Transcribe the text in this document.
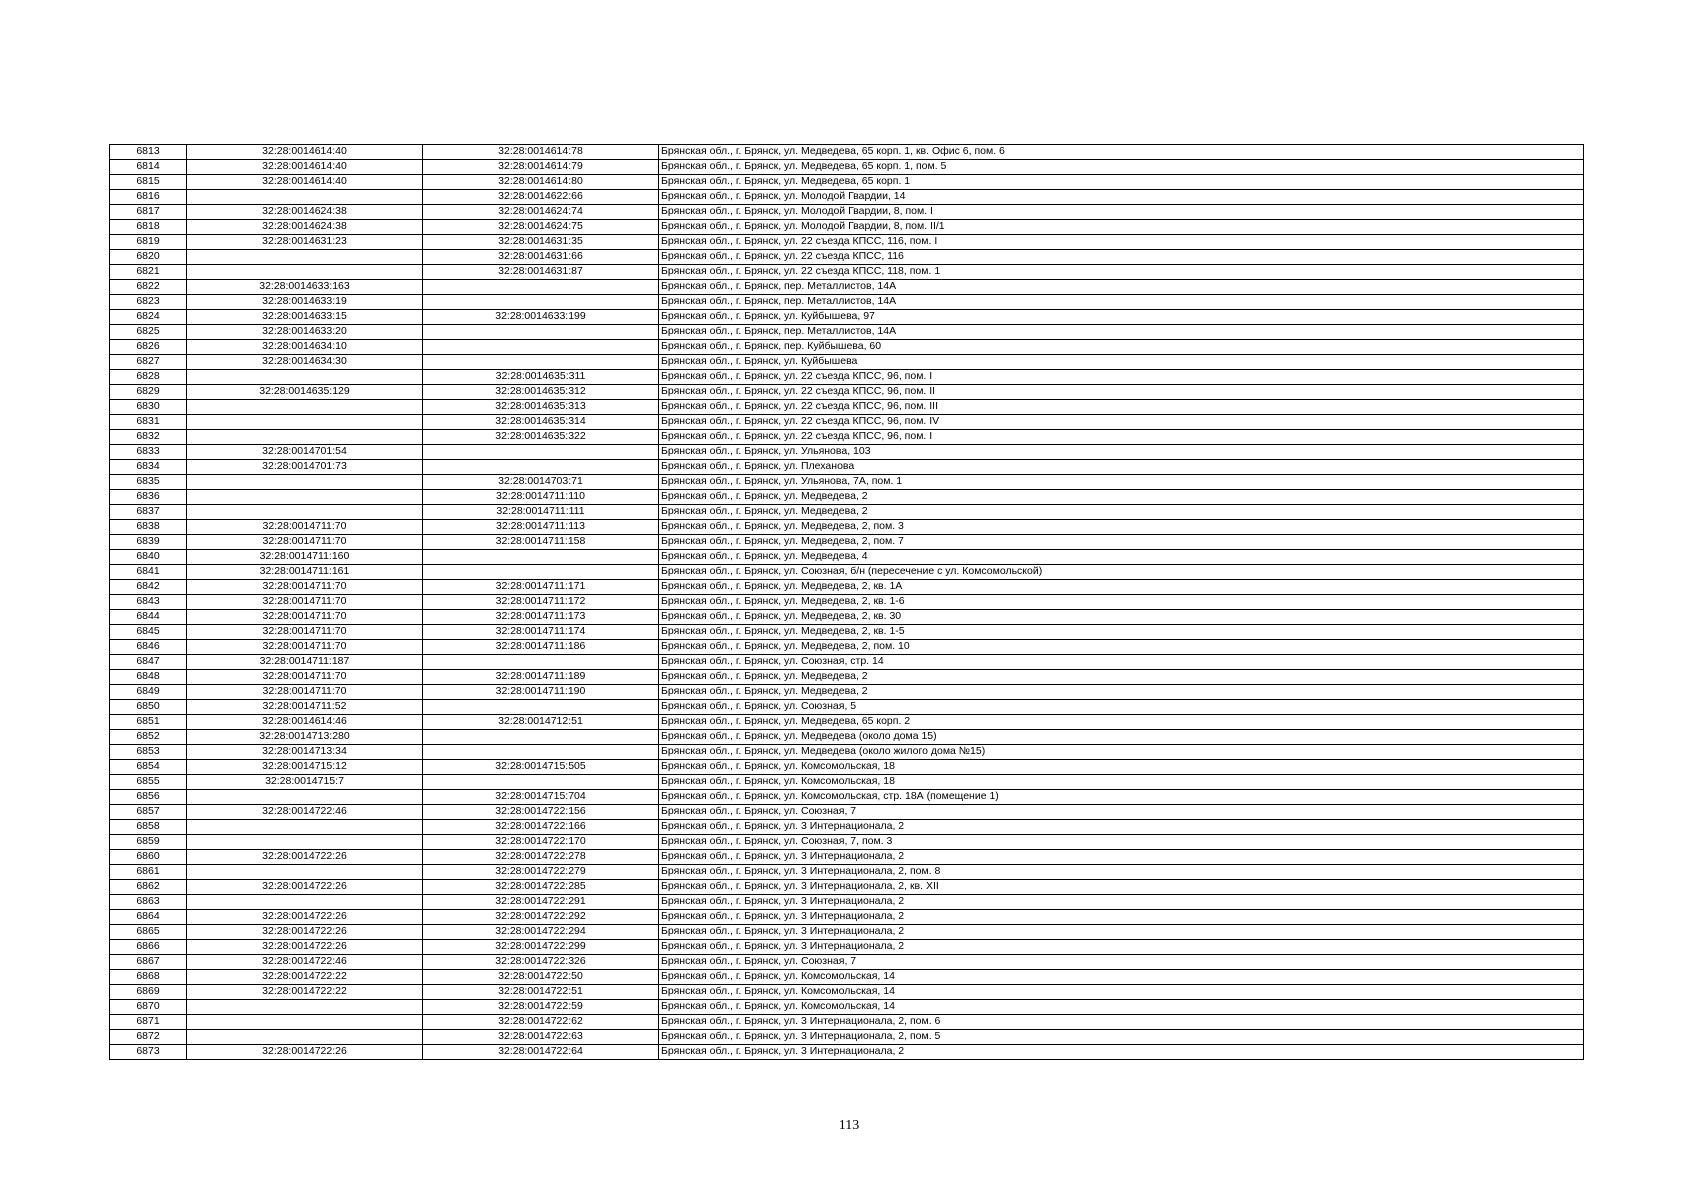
6813	32:28:0014614:40	32:28:0014614:78	Брянская обл., г. Брянск, ул. Медведева, 65 корп. 1, кв. Офис 6, пом. 6
6814	32:28:0014614:40	32:28:0014614:79	Брянская обл., г. Брянск, ул. Медведева, 65 корп. 1, пом. 5
6815	32:28:0014614:40	32:28:0014614:80	Брянская обл., г. Брянск, ул. Медведева, 65 корп. 1
6816		32:28:0014622:66	Брянская обл., г. Брянск, ул. Молодой Гвардии, 14
6817	32:28:0014624:38	32:28:0014624:74	Брянская обл., г. Брянск, ул. Молодой Гвардии, 8, пом. I
6818	32:28:0014624:38	32:28:0014624:75	Брянская обл., г. Брянск, ул. Молодой Гвардии, 8, пом. II/1
6819	32:28:0014631:23	32:28:0014631:35	Брянская обл., г. Брянск, ул. 22 съезда КПСС, 116, пом. I
6820		32:28:0014631:66	Брянская обл., г. Брянск, ул. 22 съезда КПСС, 116
6821		32:28:0014631:87	Брянская обл., г. Брянск, ул. 22 съезда КПСС, 118, пом. 1
6822	32:28:0014633:163		Брянская обл., г. Брянск, пер. Металлистов, 14А
6823	32:28:0014633:19		Брянская обл., г. Брянск, пер. Металлистов, 14А
6824	32:28:0014633:15	32:28:0014633:199	Брянская обл., г. Брянск, ул. Куйбышева, 97
6825	32:28:0014633:20		Брянская обл., г. Брянск, пер. Металлистов, 14А
6826	32:28:0014634:10		Брянская обл., г. Брянск, пер. Куйбышева, 60
6827	32:28:0014634:30		Брянская обл., г. Брянск, ул. Куйбышева
6828		32:28:0014635:311	Брянская обл., г. Брянск, ул. 22 съезда КПСС, 96, пом. I
6829	32:28:0014635:129	32:28:0014635:312	Брянская обл., г. Брянск, ул. 22 съезда КПСС, 96, пом. II
6830		32:28:0014635:313	Брянская обл., г. Брянск, ул. 22 съезда КПСС, 96, пом. III
6831		32:28:0014635:314	Брянская обл., г. Брянск, ул. 22 съезда КПСС, 96, пом. IV
6832		32:28:0014635:322	Брянская обл., г. Брянск, ул. 22 съезда КПСС, 96, пом. I
6833	32:28:0014701:54		Брянская обл., г. Брянск, ул. Ульянова, 103
6834	32:28:0014701:73		Брянская обл., г. Брянск, ул. Плеханова
6835		32:28:0014703:71	Брянская обл., г. Брянск, ул. Ульянова, 7А, пом. 1
6836		32:28:0014711:110	Брянская обл., г. Брянск, ул. Медведева, 2
6837		32:28:0014711:111	Брянская обл., г. Брянск, ул. Медведева, 2
6838	32:28:0014711:70	32:28:0014711:113	Брянская обл., г. Брянск, ул. Медведева, 2, пом. 3
6839	32:28:0014711:70	32:28:0014711:158	Брянская обл., г. Брянск, ул. Медведева, 2, пом. 7
6840	32:28:0014711:160		Брянская обл., г. Брянск, ул. Медведева, 4
6841	32:28:0014711:161		Брянская обл., г. Брянск, ул. Союзная, б/н (пересечение с ул. Комсомольской)
6842	32:28:0014711:70	32:28:0014711:171	Брянская обл., г. Брянск, ул. Медведева, 2, кв. 1А
6843	32:28:0014711:70	32:28:0014711:172	Брянская обл., г. Брянск, ул. Медведева, 2, кв. 1-6
6844	32:28:0014711:70	32:28:0014711:173	Брянская обл., г. Брянск, ул. Медведева, 2, кв. 30
6845	32:28:0014711:70	32:28:0014711:174	Брянская обл., г. Брянск, ул. Медведева, 2, кв. 1-5
6846	32:28:0014711:70	32:28:0014711:186	Брянская обл., г. Брянск, ул. Медведева, 2, пом. 10
6847	32:28:0014711:187		Брянская обл., г. Брянск, ул. Союзная, стр. 14
6848	32:28:0014711:70	32:28:0014711:189	Брянская обл., г. Брянск, ул. Медведева, 2
6849	32:28:0014711:70	32:28:0014711:190	Брянская обл., г. Брянск, ул. Медведева, 2
6850	32:28:0014711:52		Брянская обл., г. Брянск, ул. Союзная, 5
6851	32:28:0014614:46	32:28:0014712:51	Брянская обл., г. Брянск, ул. Медведева, 65 корп. 2
6852	32:28:0014713:280		Брянская обл., г. Брянск, ул. Медведева (около дома 15)
6853	32:28:0014713:34		Брянская обл., г. Брянск, ул. Медведева (около жилого дома №15)
6854	32:28:0014715:12	32:28:0014715:505	Брянская обл., г. Брянск, ул. Комсомольская, 18
6855	32:28:0014715:7		Брянская обл., г. Брянск, ул. Комсомольская, 18
6856		32:28:0014715:704	Брянская обл., г. Брянск, ул. Комсомольская, стр. 18А (помещение 1)
6857	32:28:0014722:46	32:28:0014722:156	Брянская обл., г. Брянск, ул. Союзная, 7
6858		32:28:0014722:166	Брянская обл., г. Брянск, ул. 3 Интернационала, 2
6859		32:28:0014722:170	Брянская обл., г. Брянск, ул. Союзная, 7, пом. 3
6860	32:28:0014722:26	32:28:0014722:278	Брянская обл., г. Брянск, ул. 3 Интернационала, 2
6861		32:28:0014722:279	Брянская обл., г. Брянск, ул. 3 Интернационала, 2, пом. 8
6862	32:28:0014722:26	32:28:0014722:285	Брянская обл., г. Брянск, ул. 3 Интернационала, 2, кв. XII
6863		32:28:0014722:291	Брянская обл., г. Брянск, ул. 3 Интернационала, 2
6864	32:28:0014722:26	32:28:0014722:292	Брянская обл., г. Брянск, ул. 3 Интернационала, 2
6865	32:28:0014722:26	32:28:0014722:294	Брянская обл., г. Брянск, ул. 3 Интернационала, 2
6866	32:28:0014722:26	32:28:0014722:299	Брянская обл., г. Брянск, ул. 3 Интернационала, 2
6867	32:28:0014722:46	32:28:0014722:326	Брянская обл., г. Брянск, ул. Союзная, 7
6868	32:28:0014722:22	32:28:0014722:50	Брянская обл., г. Брянск, ул. Комсомольская, 14
6869	32:28:0014722:22	32:28:0014722:51	Брянская обл., г. Брянск, ул. Комсомольская, 14
6870		32:28:0014722:59	Брянская обл., г. Брянск, ул. Комсомольская, 14
6871		32:28:0014722:62	Брянская обл., г. Брянск, ул. 3 Интернационала, 2, пом. 6
6872		32:28:0014722:63	Брянская обл., г. Брянск, ул. 3 Интернационала, 2, пом. 5
6873	32:28:0014722:26	32:28:0014722:64	Брянская обл., г. Брянск, ул. 3 Интернационала, 2
113
